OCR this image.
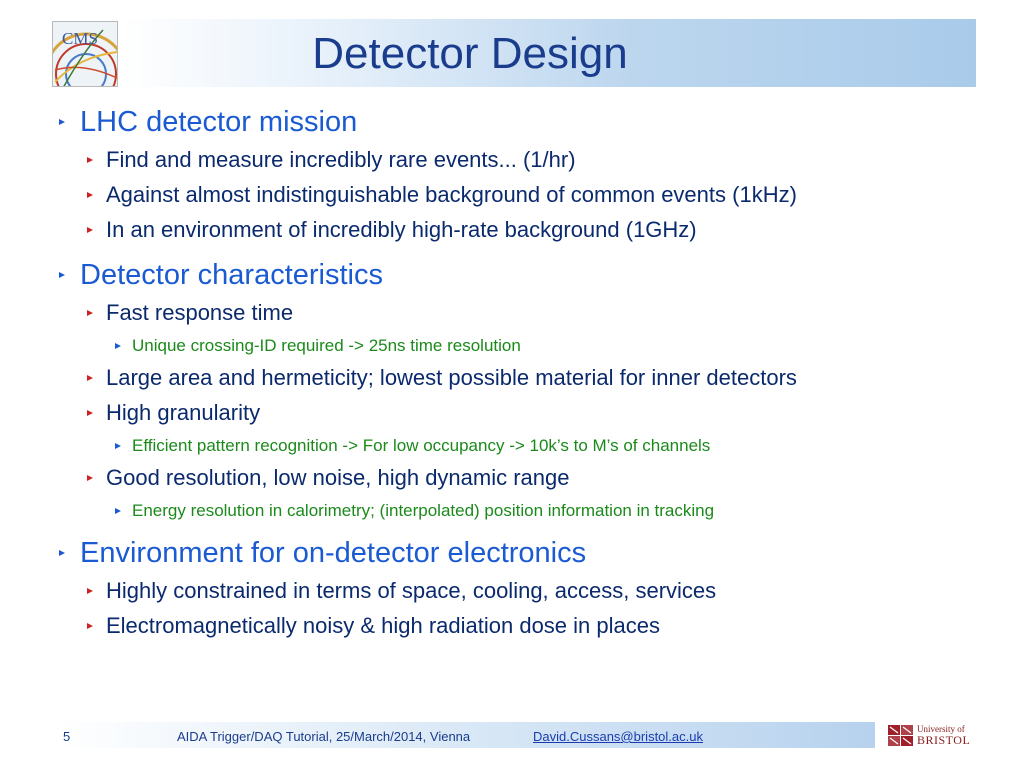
CMS	Detector Design
LHC detector mission
Find and measure incredibly rare events... (1/hr)
Against almost indistinguishable background of common events (1kHz)
In an environment of incredibly high-rate background (1GHz)
Detector characteristics
Fast response time
Unique crossing-ID required -> 25ns time resolution
Large area and hermeticity; lowest possible material for inner detectors
High granularity
Efficient pattern recognition -> For low occupancy -> 10k’s to M’s of channels
Good resolution, low noise, high dynamic range
Energy resolution in calorimetry; (interpolated) position information in tracking
Environment for on-detector electronics
Highly constrained in terms of space, cooling, access, services
Electromagnetically noisy & high radiation dose in places
5	AIDA Trigger/DAQ Tutorial, 25/March/2014, Vienna	David.Cussans@bristol.ac.uk	University of
BRISTOL
